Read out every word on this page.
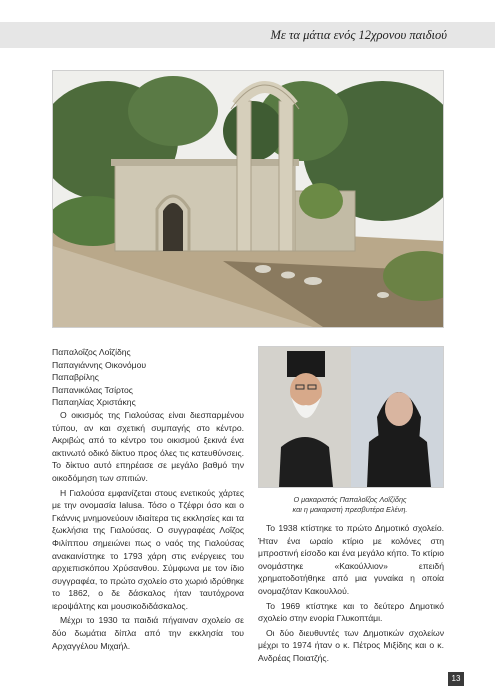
Με τα μάτια ενός 12χρονου παιδιού

Παπαλοΐζος Λοΐζίδης

Παπαγιάννης Οικονόμου

Παπαβρίλης

Παπανικόλας Τσίρτος

Παπαηλίας Χριστάκης

Ο οικισμός της Γιαλούσας είναι διεσπαρμένου τύπου, αν και σχετική συμπαγής στο κέντρο. Ακριβώς από το κέντρο του οικισμού ξεκινά ένα ακτινωτό οδικό δίκτυο προς όλες τις κατευθύνσεις. Το δίκτυο αυτό επηρέασε σε μεγάλο βαθμό την οικοδόμηση των σπιτιών.

Η Γιαλούσα εμφανίζεται στους ενετικούς χάρτες με την ονομασία Ialusa. Τόσο ο Τζέφρι όσο και ο Γκάννις μνημονεύουν ιδιαίτερα τις εκκλησίες και τα ξωκλήσια της Γιαλούσας. Ο συγγραφέας Λοΐζος Φιλίππου σημειώνει πως ο ναός της Γιαλούσας ανακαινίστηκε το 1793 χάρη στις ενέργειες του αρχιεπισκόπου Χρύσανθου. Σύμφωνα με τον ίδιο συγγραφέα, το πρώτο σχολείο στο χωριό ιδρύθηκε το 1862, ο δε δάσκαλος ήταν ταυτόχρονα ιεροψάλτης και μουσικοδιδάσκαλος.

Μέχρι το 1930 τα παιδιά πήγαιναν σχολείο σε δύο δωμάτια δίπλα από την εκκλησία του Αρχαγγέλου Μιχαήλ.

Ο μακαριστός Παπαλοΐζος Λοΐζίδης
και η μακαριστή πρεσβυτέρα Ελένη.

Το 1938 κτίστηκε το πρώτο Δημοτικό σχολείο. Ήταν ένα ωραίο κτίριο με κολόνες στη μπροστινή είσοδο και ένα μεγάλο κήπο. Το κτίριο ονομάστηκε «Κακούλλιον» επειδή χρηματοδοτήθηκε από μια γυναίκα η οποία ονομαζόταν Κακουλλού.

Το 1969 κτίστηκε και το δεύτερο Δημοτικό σχολείο στην ενορία Γλυκοπτάμι.

Οι δύο διευθυντές των Δημοτικών σχολείων μέχρι το 1974 ήταν ο κ. Πέτρος Μιξίδης και ο κ. Ανδρέας Ποιατζής.

13
